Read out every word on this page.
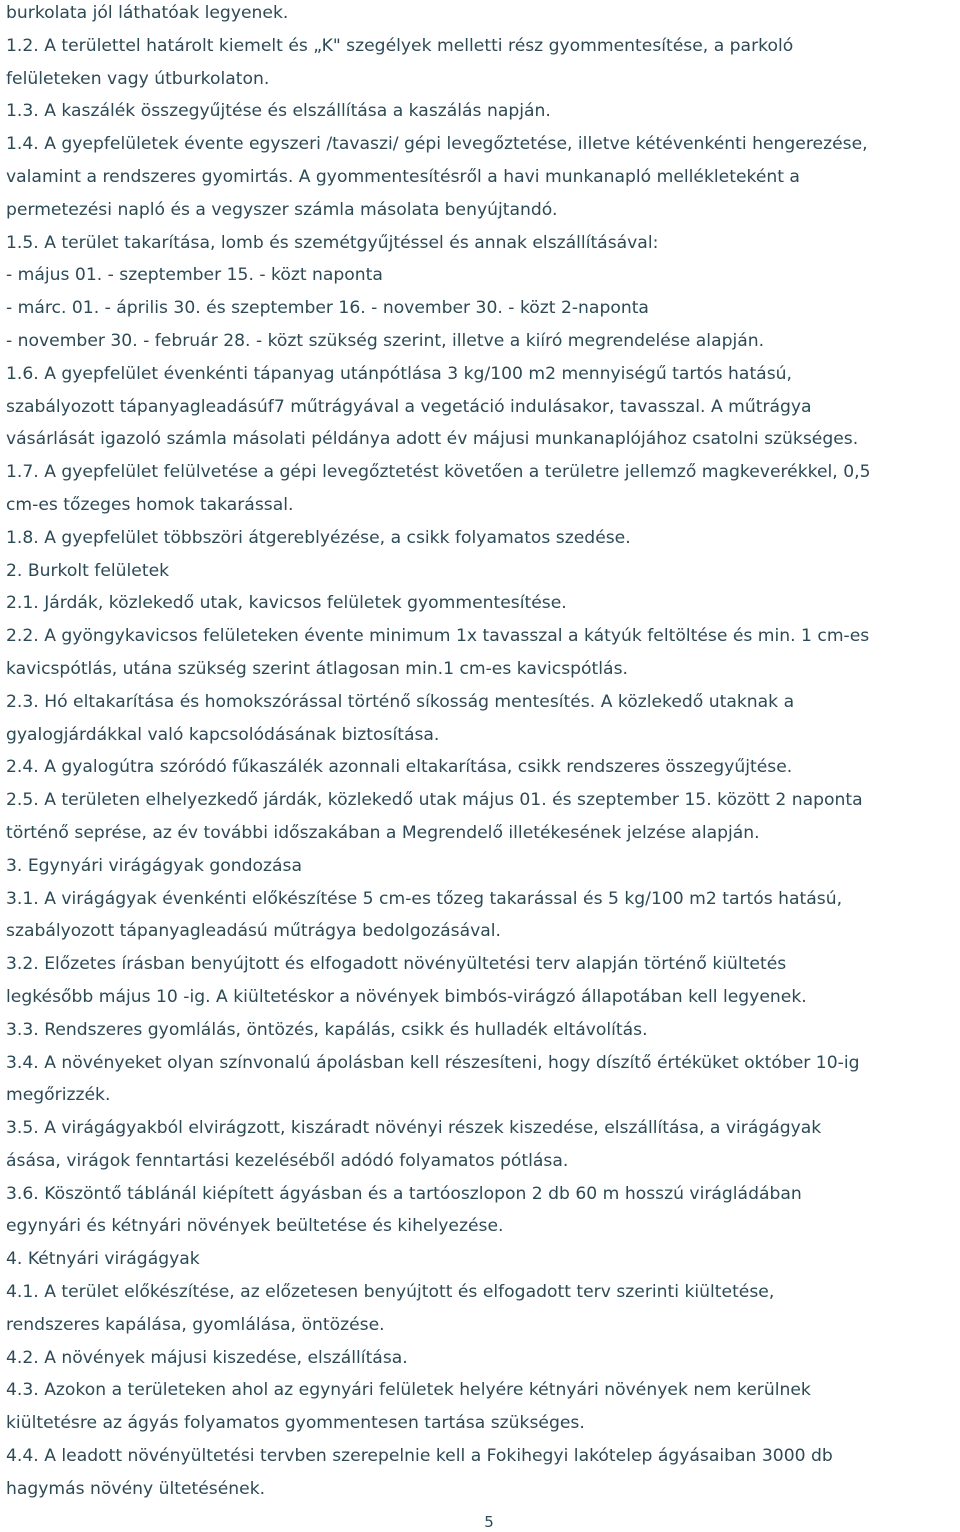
burkolata jól láthatóak legyenek.
1.2. A területtel határolt kiemelt és „K" szegélyek melletti rész gyommentesítése, a parkoló
felületeken vagy útburkolaton.
1.3. A kaszálék összegyűjtése és elszállítása a kaszálás napján.
1.4. A gyepfelületek évente egyszeri /tavaszi/ gépi levegőztetése, illetve kétévenkénti hengerezése,
valamint a rendszeres gyomirtás. A gyommentesítésről a havi munkanapló mellékleteként a
permetezési napló és a vegyszer számla másolata benyújtandó.
1.5. A terület takarítása, lomb és szemétgyűjtéssel és annak elszállításával:
- május 01. - szeptember 15. - közt naponta
- márc. 01. - április 30. és szeptember 16. - november 30. - közt 2-naponta
- november 30. - február 28. - közt szükség szerint, illetve a kiíró megrendelése alapján.
1.6. A gyepfelület évenkénti tápanyag utánpótlása 3 kg/100 m2 mennyiségű tartós hatású,
szabályozott tápanyagleadásúf7 műtrágyával a vegetáció indulásakor, tavasszal. A műtrágya
vásárlását igazoló számla másolati példánya adott év májusi munkanaplójához csatolni szükséges.
1.7. A gyepfelület felülvetése a gépi levegőztetést követően a területre jellemző magkeverékkel, 0,5
cm-es tőzeges homok takarással.
1.8. A gyepfelület többszöri átgereblyézése, a csikk folyamatos szedése.
2. Burkolt felületek
2.1. Járdák, közlekedő utak, kavicsos felületek gyommentesítése.
2.2. A gyöngykavicsos felületeken évente minimum 1x tavasszal a kátyúk feltöltése és min. 1 cm-es
kavicspótlás, utána szükség szerint átlagosan min.1 cm-es kavicspótlás.
2.3. Hó eltakarítása és homokszórással történő síkosság mentesítés. A közlekedő utaknak a
gyalogjárdákkal való kapcsolódásának biztosítása.
2.4. A gyalogútra szóródó fűkaszálék azonnali eltakarítása, csikk rendszeres összegyűjtése.
2.5. A területen elhelyezkedő járdák, közlekedő utak május 01. és szeptember 15. között 2 naponta
történő seprése, az év további időszakában a Megrendelő illetékesének jelzése alapján.
3. Egynyári virágágyak gondozása
3.1. A virágágyak évenkénti előkészítése 5 cm-es tőzeg takarással és 5 kg/100 m2 tartós hatású,
szabályozott tápanyagleadású műtrágya bedolgozásával.
3.2. Előzetes írásban benyújtott és elfogadott növényültetési terv alapján történő kiültetés
legkésőbb május 10 -ig. A kiültetéskor a növények bimbós-virágzó állapotában kell legyenek.
3.3. Rendszeres gyomlálás, öntözés, kapálás, csikk és hulladék eltávolítás.
3.4. A növényeket olyan színvonalú ápolásban kell részesíteni, hogy díszítő értéküket október 10-ig
megőrizzék.
3.5. A virágágyakból elvirágzott, kiszáradt növényi részek kiszedése, elszállítása, a virágágyak
ásása, virágok fenntartási kezeléséből adódó folyamatos pótlása.
3.6. Köszöntő táblánál kiépített ágyásban és a tartóoszlopon 2 db 60 m hosszú virágládában
egynyári és kétnyári növények beültetése és kihelyezése.
4. Kétnyári virágágyak
4.1. A terület előkészítése, az előzetesen benyújtott és elfogadott terv szerinti kiültetése,
rendszeres kapálása, gyomlálása, öntözése.
4.2. A növények májusi kiszedése, elszállítása.
4.3. Azokon a területeken ahol az egynyári felületek helyére kétnyári növények nem kerülnek
kiültetésre az ágyás folyamatos gyommentesen tartása szükséges.
4.4. A leadott növényültetési tervben szerepelnie kell a Fokihegyi lakótelep ágyásaiban 3000 db
hagymás növény ültetésének.
5
